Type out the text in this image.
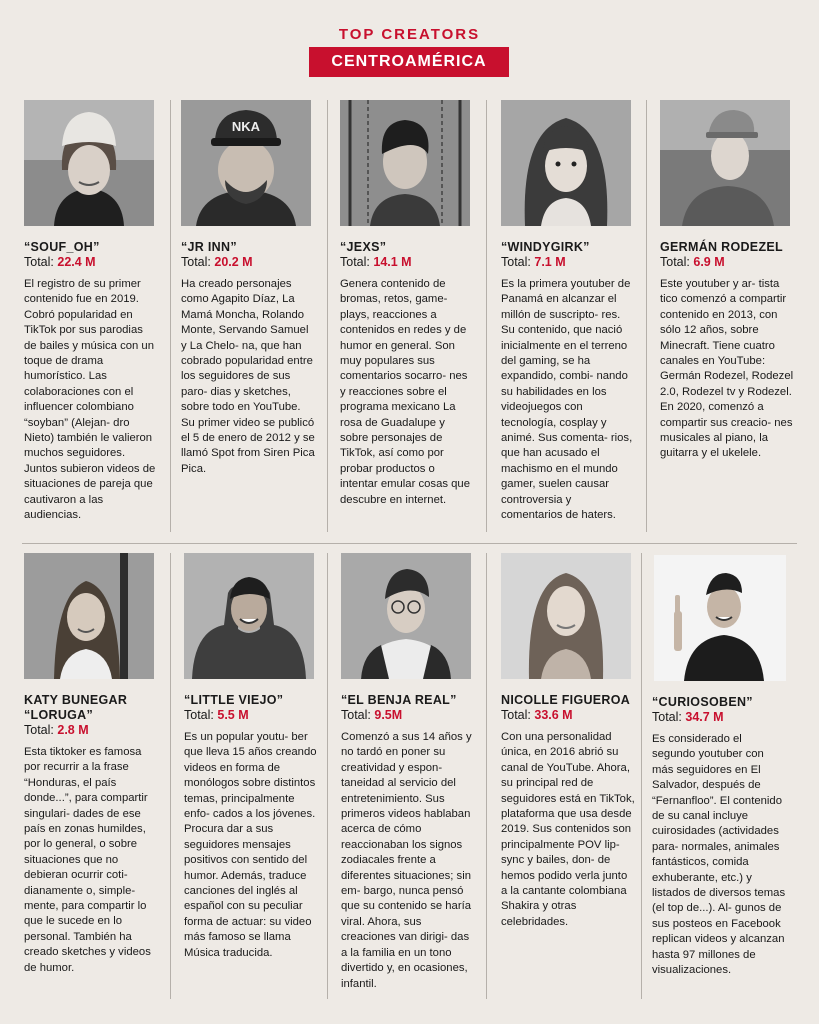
TOP CREATORS
CENTROAMÉRICA
“SOUF_OH”
Total: 22.4 M
El registro de su primer contenido fue en 2019. Cobró popularidad en TikTok por sus parodias de bailes y música con un toque de drama humorístico. Las colaboraciones con el influencer colombiano “soyban” (Alejan- dro Nieto) también le valieron muchos seguidores. Juntos subieron videos de situaciones de pareja que cautivaron a las audiencias.
NKA
“JR INN”
Total: 20.2 M
Ha creado personajes como Agapito Díaz, La Mamá Moncha, Rolando Monte, Servando Samuel y La Chelo- na, que han cobrado popularidad entre los seguidores de sus paro- dias y sketches, sobre todo en YouTube. Su primer video se publicó el 5 de enero de 2012 y se llamó Spot from Siren Pica Pica.
“JEXS”
Total: 14.1 M
Genera contenido de bromas, retos, game- plays, reacciones a contenidos en redes y de humor en general. Son muy populares sus comentarios socarro- nes y reacciones sobre el programa mexicano La rosa de Guadalupe y sobre personajes de TikTok, así como por probar productos o intentar emular cosas que descubre en internet.
“WINDYGIRK”
Total: 7.1 M
Es la primera youtuber de Panamá en alcanzar el millón de suscripto- res. Su contenido, que nació inicialmente en el terreno del gaming, se ha expandido, combi- nando su habilidades en los videojuegos con tecnología, cosplay y animé. Sus comenta- rios, que han acusado el machismo en el mundo gamer, suelen causar controversia y comentarios de haters.
GERMÁN RODEZEL
Total: 6.9 M
Este youtuber y ar- tista tico comenzó a compartir contenido en 2013, con sólo 12 años, sobre Minecraft. Tiene cuatro canales en YouTube: Germán Rodezel, Rodezel 2.0, Rodezel tv y Rodezel. En 2020, comenzó a compartir sus creacio- nes musicales al piano, la guitarra y el ukelele.
KATY BUNEGAR “LORUGA”
Total: 2.8 M
Esta tiktoker es famosa por recurrir a la frase “Honduras, el país donde...”, para compartir singulari- dades de ese país en zonas humildes, por lo general, o sobre situaciones que no debieran ocurrir coti- dianamente o, simple- mente, para compartir lo que le sucede en lo personal. También ha creado sketches y videos de humor.
“LITTLE VIEJO”
Total: 5.5 M
Es un popular youtu- ber que lleva 15 años creando videos en forma de monólogos sobre distintos temas, principalmente enfo- cados a los jóvenes. Procura dar a sus seguidores mensajes positivos con sentido del humor. Además, traduce canciones del inglés al español con su peculiar forma de actuar: su video más famoso se llama Música traducida.
“EL BENJA REAL”
Total: 9.5M
Comenzó a sus 14 años y no tardó en poner su creatividad y espon- taneidad al servicio del entretenimiento. Sus primeros videos hablaban acerca de cómo reaccionaban los signos zodiacales frente a diferentes situaciones; sin em- bargo, nunca pensó que su contenido se haría viral. Ahora, sus creaciones van dirigi- das a la familia en un tono divertido y, en ocasiones, infantil.
NICOLLE FIGUEROA
Total: 33.6 M
Con una personalidad única, en 2016 abrió su canal de YouTube. Ahora, su principal red de seguidores está en TikTok, plataforma que usa desde 2019. Sus contenidos son principalmente POV lip-sync y bailes, don- de hemos podido verla junto a la cantante colombiana Shakira y otras celebridades.
“CURIOSOBEN”
Total: 34.7 M
Es considerado el segundo youtuber con más seguidores en El Salvador, después de “Fernanfloo”. El contenido de su canal incluye cuirosidades (actividades para- normales, animales fantásticos, comida exhuberante, etc.) y listados de diversos temas (el top de...). Al- gunos de sus posteos en Facebook replican videos y alcanzan hasta 97 millones de visualizaciones.
